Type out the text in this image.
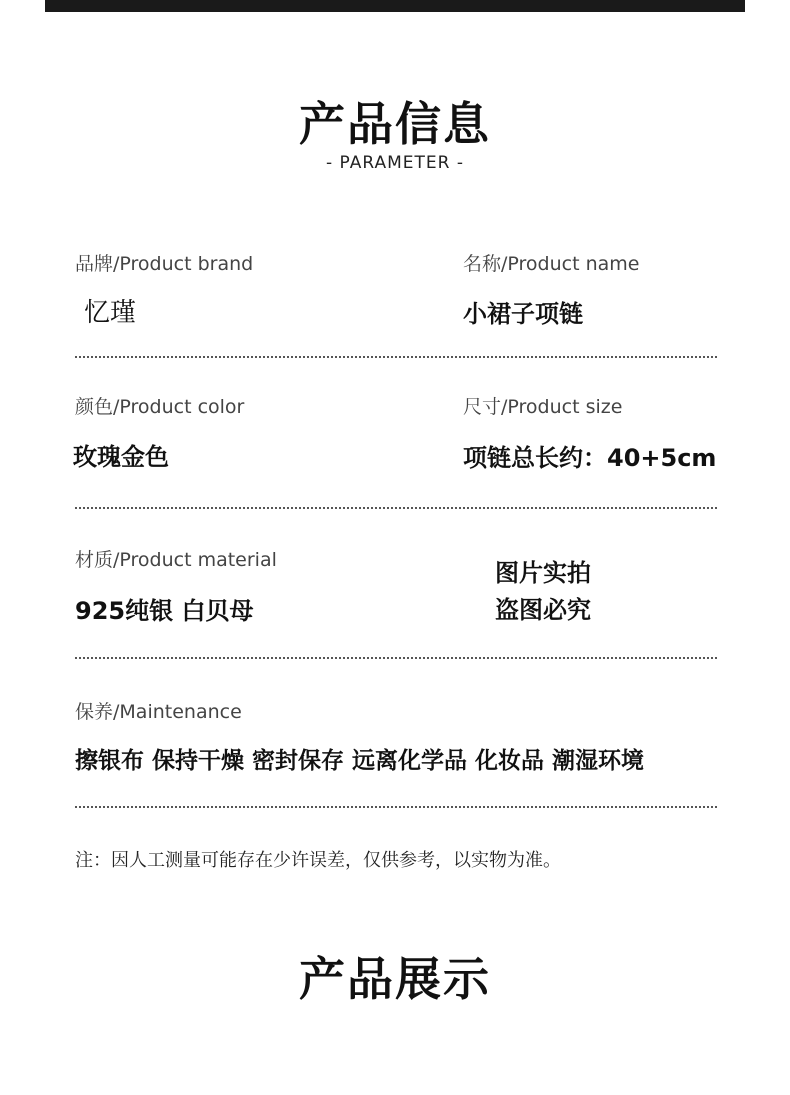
产品信息
- PARAMETER -
品牌/Product brand
忆瑾
名称/Product name
小裙子项链
颜色/Product color
玫瑰金色
尺寸/Product size
项链总长约：40+5cm
材质/Product material
925纯银 白贝母
图片实拍
盗图必究
保养/Maintenance
擦银布 保持干燥 密封保存 远离化学品 化妆品 潮湿环境
注：因人工测量可能存在少许误差，仅供参考，以实物为准。
产品展示
